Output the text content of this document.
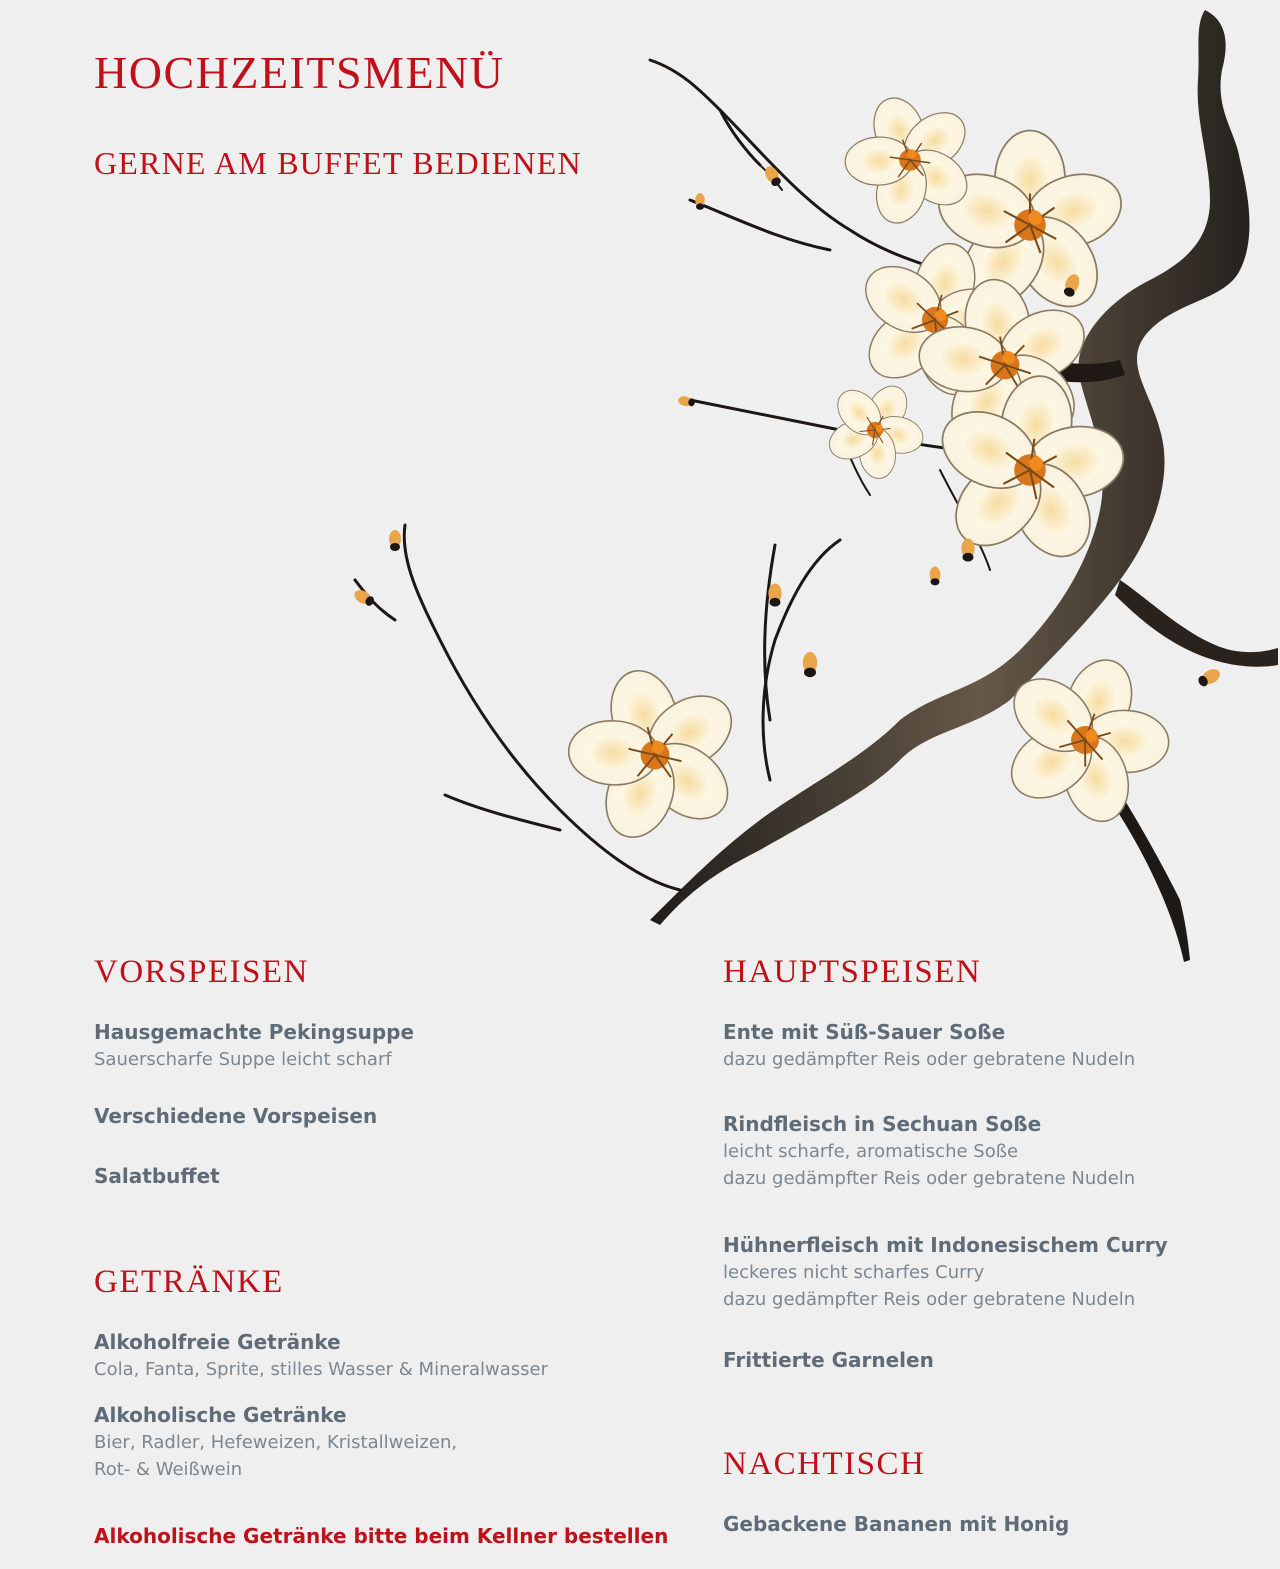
HOCHZEITSMENÜ
GERNE AM BUFFET BEDIENEN
VORSPEISEN

Hausgemachte Pekingsuppe

Sauerscharfe Suppe leicht scharf

Verschiedene Vorspeisen

Salatbuffet

GETRÄNKE

Alkoholfreie Getränke

Cola, Fanta, Sprite, stilles Wasser & Mineralwasser

Alkoholische Getränke

Bier, Radler, Hefeweizen, Kristallweizen,

Rot- & Weißwein

Alkoholische Getränke bitte beim Kellner bestellen

HAUPTSPEISEN

Ente mit Süß-Sauer Soße

dazu gedämpfter Reis oder gebratene Nudeln

Rindfleisch in Sechuan Soße

leicht scharfe, aromatische Soße

dazu gedämpfter Reis oder gebratene Nudeln

Hühnerfleisch mit Indonesischem Curry

leckeres nicht scharfes Curry

dazu gedämpfter Reis oder gebratene Nudeln

Frittierte Garnelen

NACHTISCH

Gebackene Bananen mit Honig
